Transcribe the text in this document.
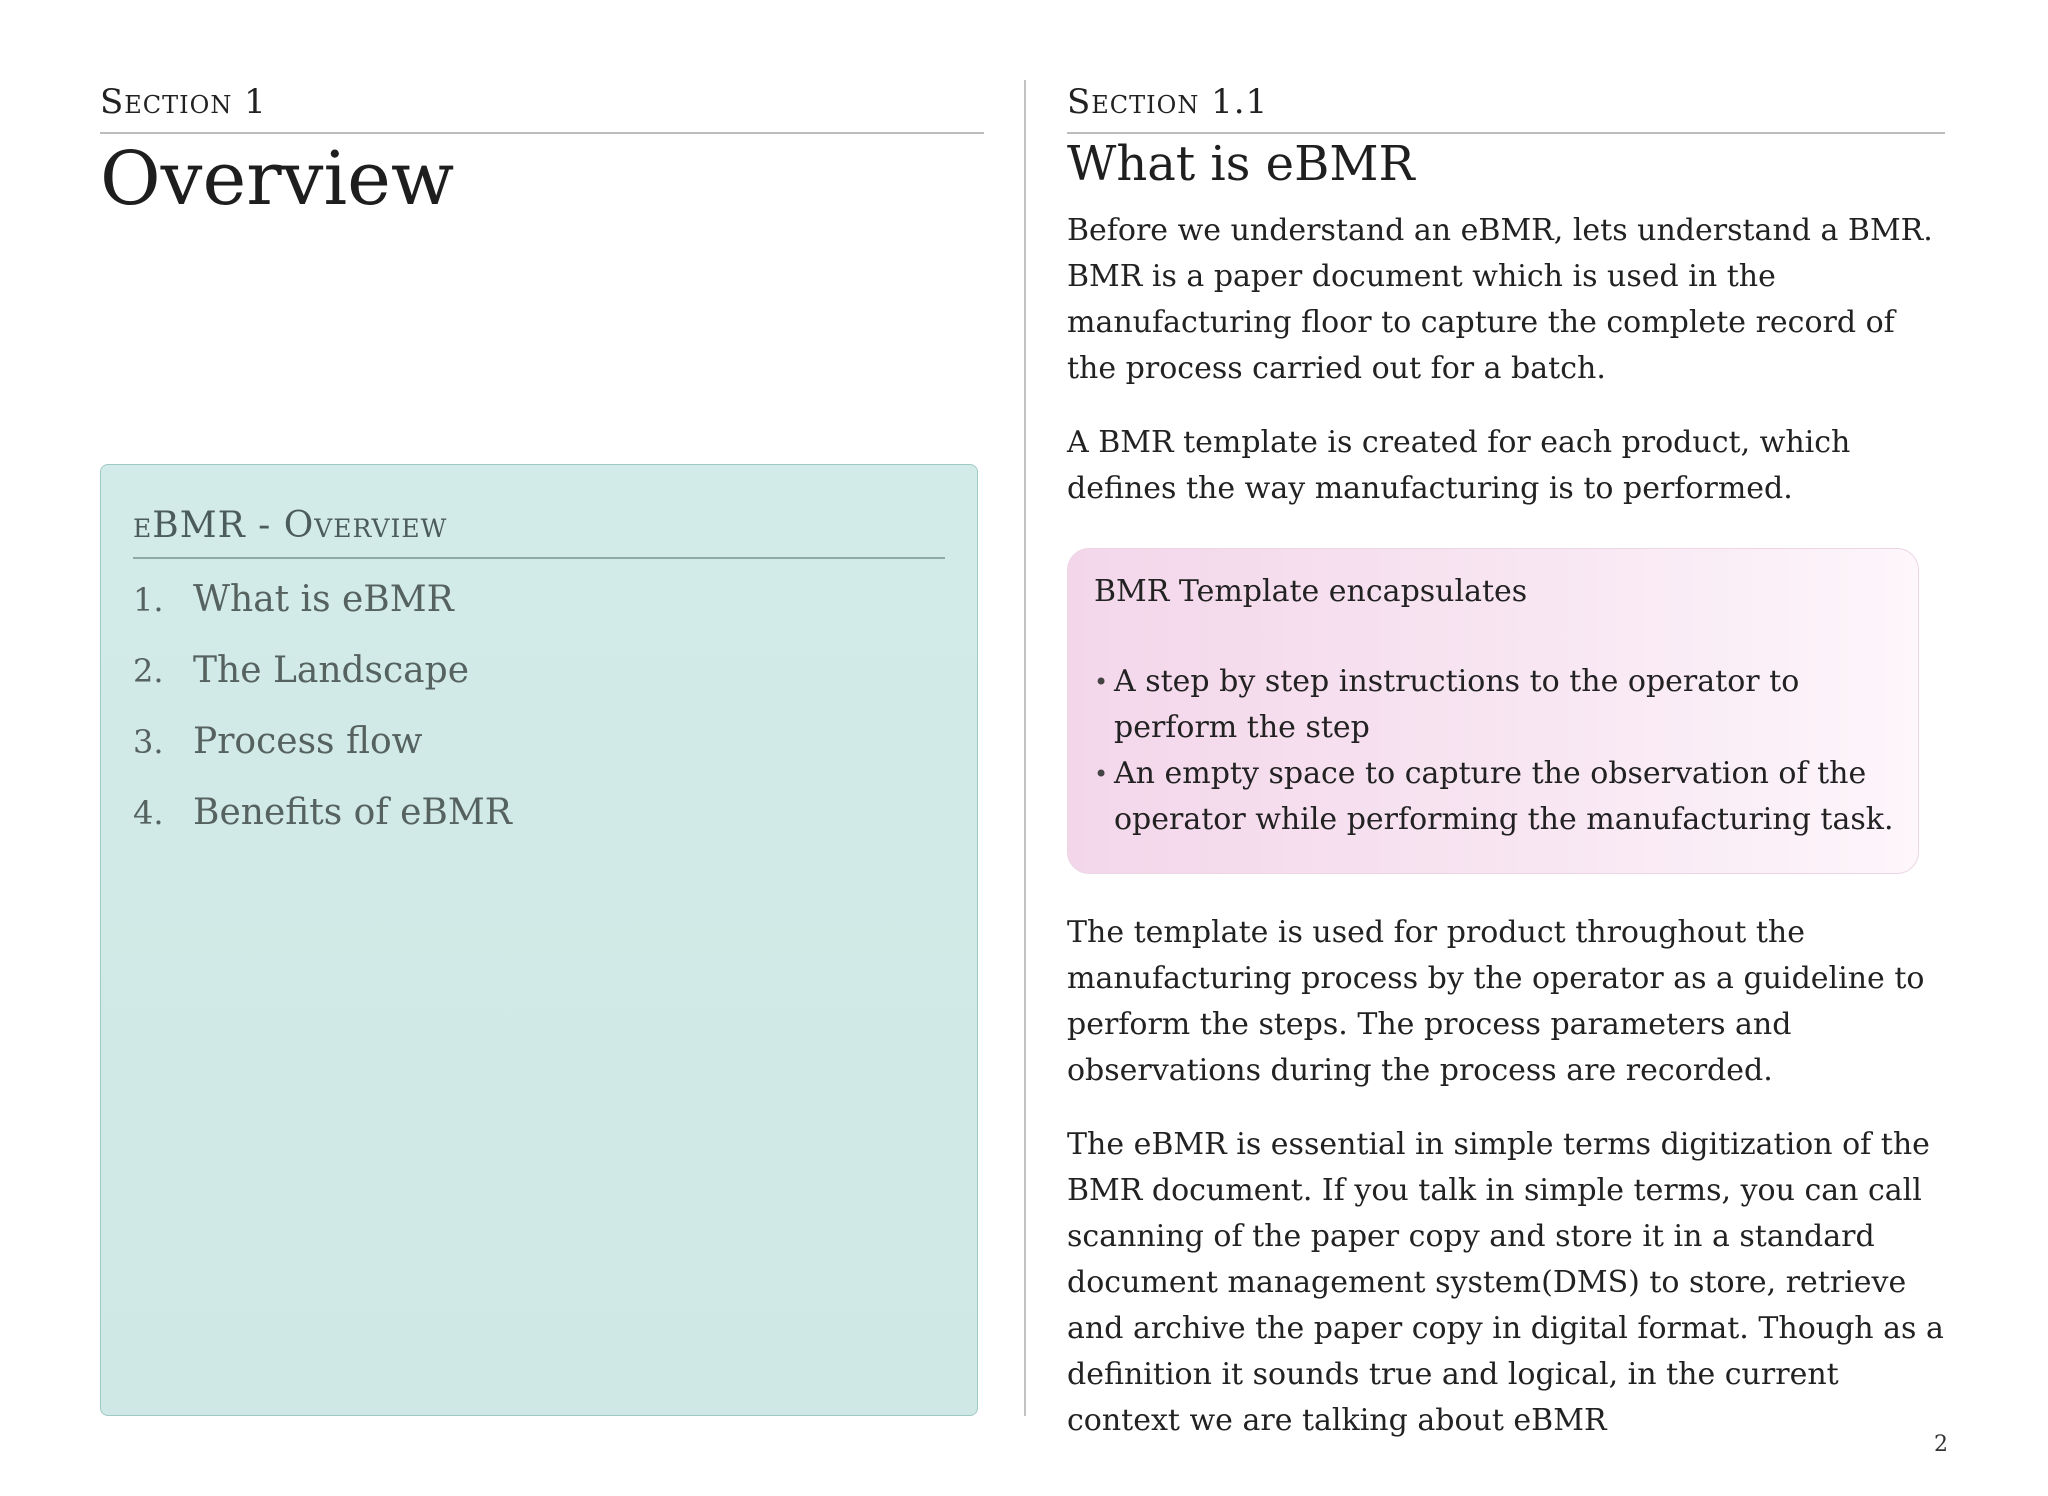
Section 1
Overview
eBMR - Overview
1. What is eBMR
2. The Landscape
3. Process flow
4. Benefits of eBMR
Section 1.1
What is eBMR

Before we understand an eBMR, lets understand a BMR. BMR is a paper document which is used in the manufacturing floor to capture the complete record of the process carried out for a batch.

A BMR template is created for each product, which defines the way manufacturing is to performed.

BMR Template encapsulates
• A step by step instructions to the operator to perform the step
• An empty space to capture the observation of the operator while performing the manufacturing task.

The template is used for product throughout the manufacturing process by the operator as a guideline to perform the steps. The process parameters and observations during the process are recorded.

The eBMR is essential in simple terms digitization of the BMR document. If you talk in simple terms, you can call scanning of the paper copy and store it in a standard document management system(DMS) to store, retrieve and archive the paper copy in digital format. Though as a definition it sounds true and logical, in the current context we are talking about eBMR

2
